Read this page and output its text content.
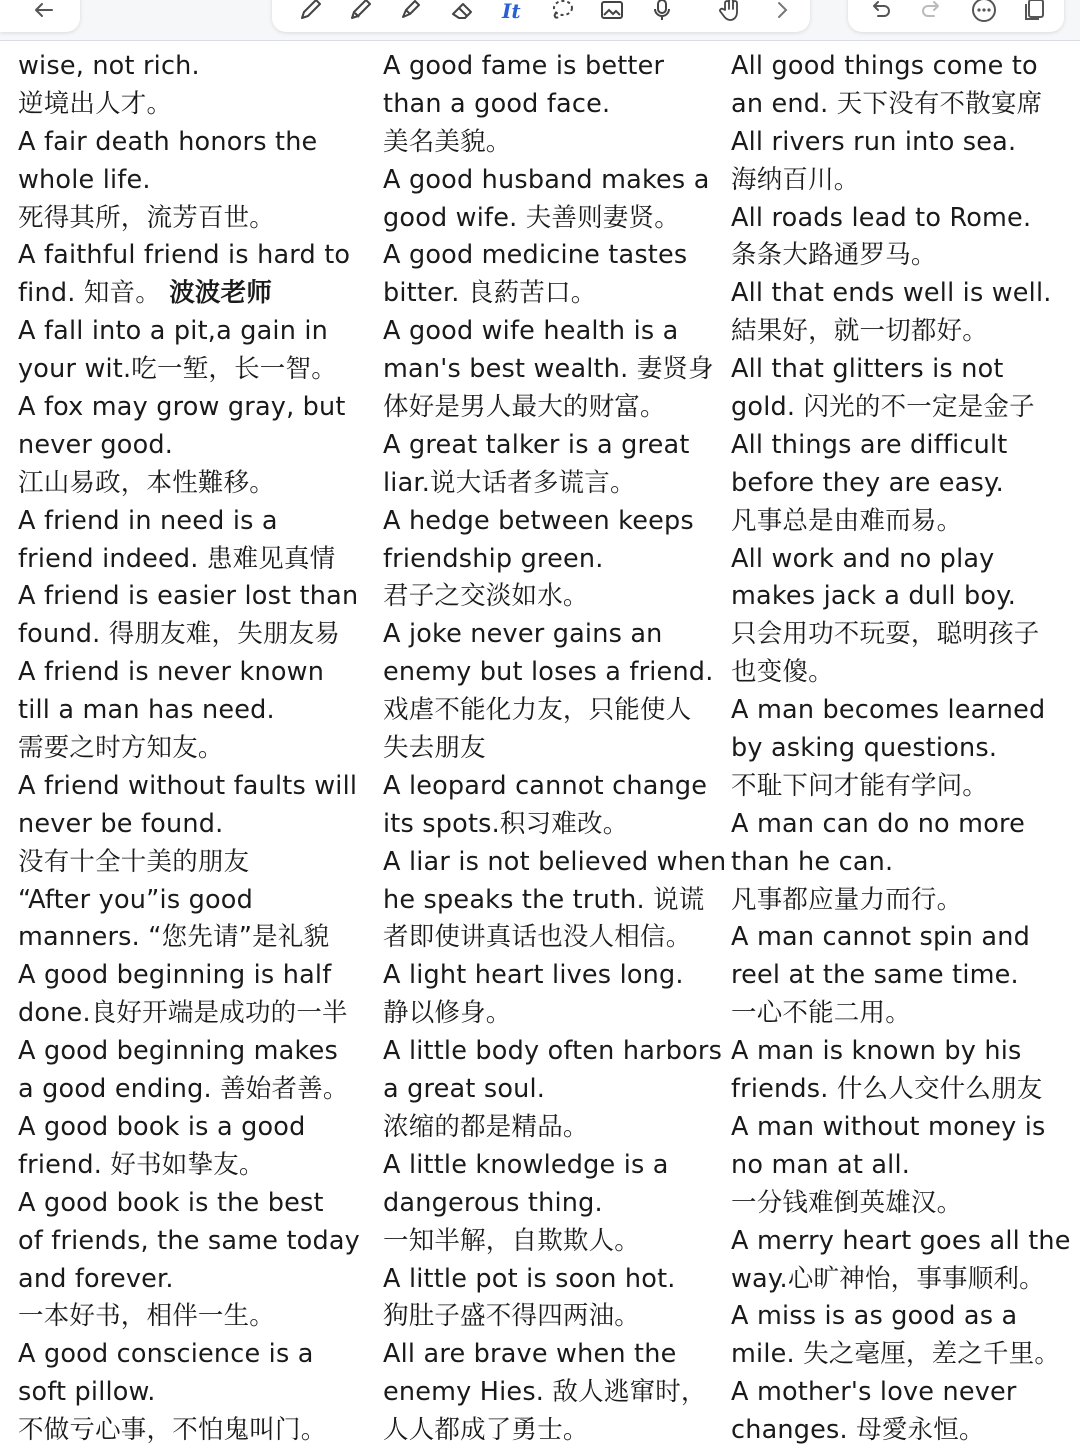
It
wise, not rich.
逆境出人才。
A fair death honors the
whole life.
死得其所，流芳百世。
A faithful friend is hard to
find. 知音。 波波老师
A fall into a pit,a gain in
your wit.吃一堑，长一智。
A fox may grow gray, but
never good.
江山易政，本性難移。
A friend in need is a
friend indeed. 患难见真情
A friend is easier lost than
found. 得朋友难，失朋友易
A friend is never known
till a man has need.
需要之时方知友。
A friend without faults will
never be found.
没有十全十美的朋友
“After you”is good
manners. “您先请”是礼貌
A good beginning is half
done.良好开端是成功的一半
A good beginning makes
a good ending. 善始者善。
A good book is a good
friend. 好书如挚友。
A good book is the best
of friends, the same today
and forever.
一本好书，相伴一生。
A good conscience is a
soft pillow.
不做亏心事，不怕鬼叫门。
A good fame is better
than a good face.
美名美貌。
A good husband makes a
good wife. 夫善则妻贤。
A good medicine tastes
bitter. 良葯苦口。
A good wife health is a
man's best wealth. 妻贤身
体好是男人最大的财富。
A great talker is a great
liar.说大话者多谎言。
A hedge between keeps
friendship green.
君子之交淡如水。
A joke never gains an
enemy but loses a friend.
戏虐不能化力友，只能使人
失去朋友
A leopard cannot change
its spots.积习难改。
A liar is not believed when
he speaks the truth. 说谎
者即使讲真话也没人相信。
A light heart lives long.
静以修身。
A little body often harbors
a great soul.
浓缩的都是精品。
A little knowledge is a
dangerous thing.
一知半解，自欺欺人。
A little pot is soon hot.
狗肚子盛不得四两油。
All are brave when the
enemy Hies. 敌人逃窜时，
人人都成了勇士。
All good things come to
an end. 天下没有不散宴席
All rivers run into sea.
海纳百川。
All roads lead to Rome.
条条大路通罗马。
All that ends well is well.
結果好，就一切都好。
All that glitters is not
gold. 闪光的不一定是金子
All things are difficult
before they are easy.
凡事总是由难而易。
All work and no play
makes jack a dull boy.
只会用功不玩耍，聪明孩子
也变傻。
A man becomes learned
by asking questions.
不耻下问才能有学问。
A man can do no more
than he can.
凡事都应量力而行。
A man cannot spin and
reel at the same time.
一心不能二用。
A man is known by his
friends. 什么人交什么朋友
A man without money is
no man at all.
一分钱难倒英雄汉。
A merry heart goes all the
way.心旷神怡，事事顺利。
A miss is as good as a
mile. 失之毫厘，差之千里。
A mother's love never
changes. 母愛永恒。
